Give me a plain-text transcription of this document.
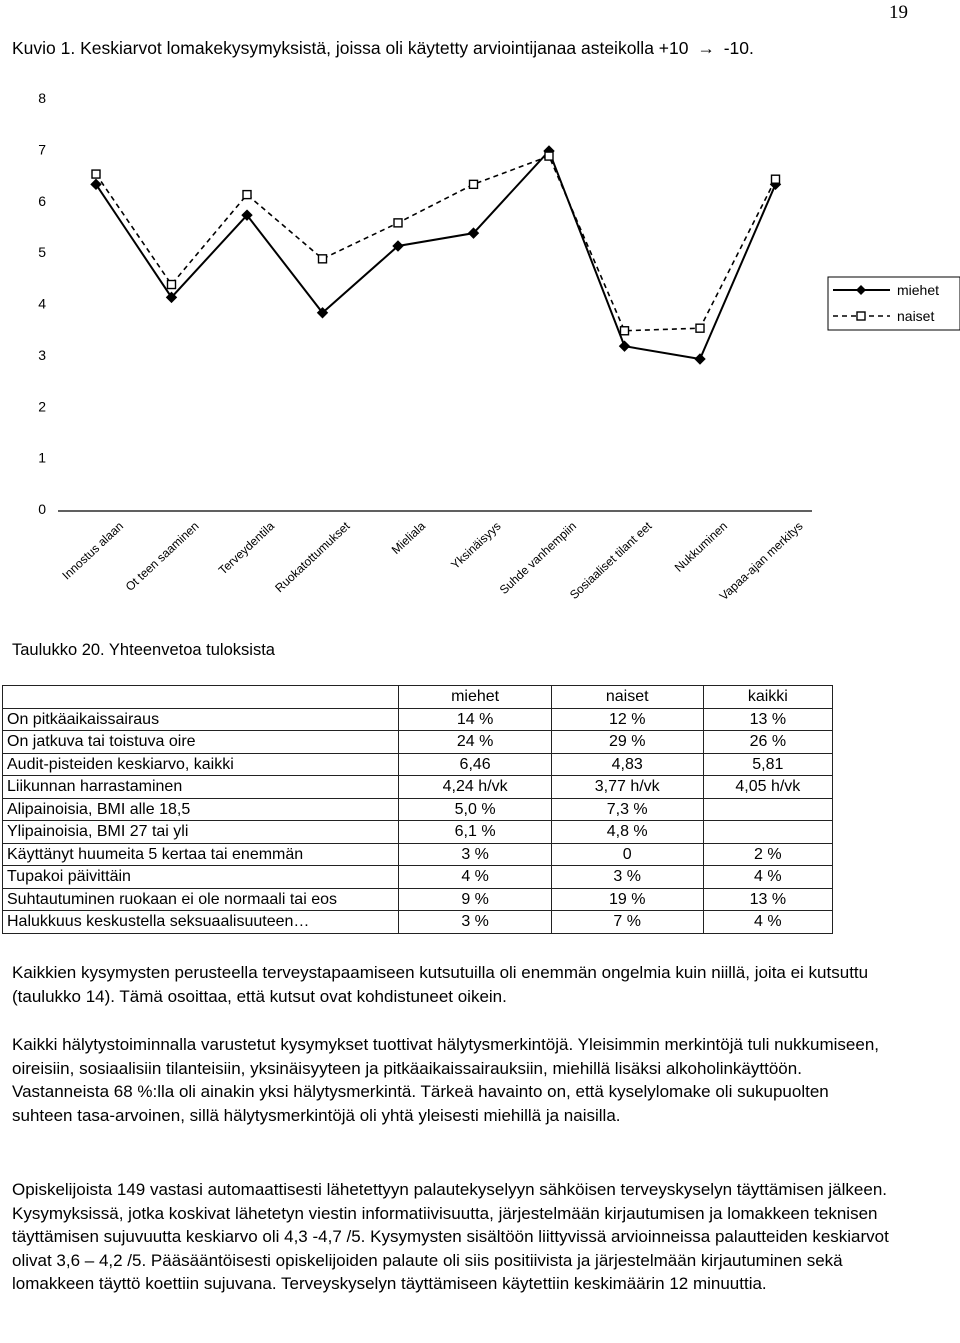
19
Kuvio 1. Keskiarvot lomakekysymyksistä, joissa oli käytetty arviointijanaa asteikolla +10 → -10.
0
1
2
3
4
5
6
7
8
Innostus alaan
Ot teen saaminen Terveydentila
Ruokatottumukset	Mieliala Yksinäisyys
Suhde vanhempiin
Sosiaaliset tilant eet Nukkuminen
Vapaa-ajan merkitys
miehet
naiset
Taulukko 20. Yhteenvetoa tuloksista
	miehet	naiset	kaikki
On pitkäaikaissairaus	14 %	12 %	13 %
On jatkuva tai toistuva oire	24 %	29 %	26 %
Audit-pisteiden keskiarvo, kaikki	6,46	4,83	5,81
Liikunnan harrastaminen	4,24 h/vk	3,77 h/vk	4,05 h/vk
Alipainoisia, BMI alle 18,5	5,0 %	7,3 %	
Ylipainoisia, BMI 27 tai yli	6,1 %	4,8 %	
Käyttänyt huumeita 5 kertaa tai enemmän	3 %	0	2 %
Tupakoi päivittäin	4 %	3 %	4 %
Suhtautuminen ruokaan ei ole normaali tai eos	9 %	19 %	13 %
Halukkuus keskustella seksuaalisuuteen…	3 %	7 %	4 %

Kaikkien kysymysten perusteella terveystapaamiseen kutsutuilla oli enemmän ongelmia kuin niillä, joita ei kutsuttu (taulukko 14). Tämä osoittaa, että kutsut ovat kohdistuneet oikein.

Kaikki hälytystoiminnalla varustetut kysymykset tuottivat hälytysmerkintöjä. Yleisimmin merkintöjä tuli nukkumiseen, oireisiin, sosiaalisiin tilanteisiin, yksinäisyyteen ja pitkäaikaissairauksiin, miehillä lisäksi alkoholinkäyttöön. Vastanneista 68 %:lla oli ainakin yksi hälytysmerkintä. Tärkeä havainto on, että kyselylomake oli sukupuolten suhteen tasa-arvoinen, sillä hälytysmerkintöjä oli yhtä yleisesti miehillä ja naisilla.

Opiskelijoista 149 vastasi automaattisesti lähetettyyn palautekyselyyn sähköisen terveyskyselyn täyttämisen jälkeen. Kysymyksissä, jotka koskivat lähetetyn viestin informatiivisuutta, järjestelmään kirjautumisen ja lomakkeen teknisen täyttämisen sujuvuutta keskiarvo oli 4,3 -4,7 /5. Kysymysten sisältöön liittyvissä arvioinneissa palautteiden keskiarvot olivat 3,6 – 4,2 /5. Pääsääntöisesti opiskelijoiden palaute oli siis positiivista ja järjestelmään kirjautuminen sekä lomakkeen täyttö koettiin sujuvana. Terveyskyselyn täyttämiseen käytettiin keskimäärin 12 minuuttia.
